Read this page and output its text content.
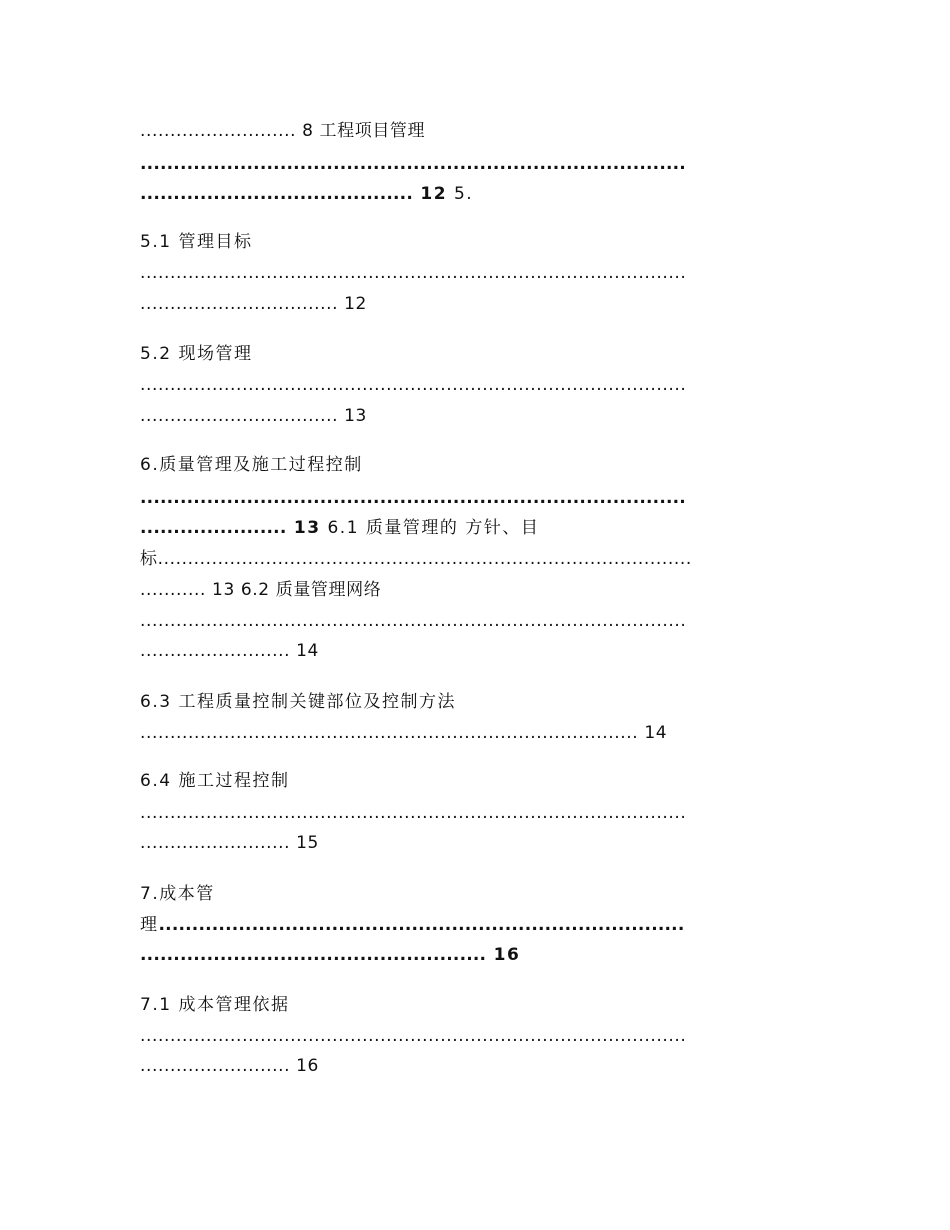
.......................... 8 工程项目管理
..................................................................................
......................................... 12 5.
5.1 管理目标
...........................................................................................
................................. 12
5.2 现场管理
...........................................................................................
................................. 13
6.质量管理及施工过程控制
..................................................................................
...................... 13 6.1 质量管理的 方针、目
标.........................................................................................
........... 13 6.2 质量管理网络
...........................................................................................
......................... 14
6.3 工程质量控制关键部位及控制方法
................................................................................... 14
6.4 施工过程控制
...........................................................................................
......................... 15
7.成本管
理...............................................................................
.................................................... 16
7.1 成本管理依据
...........................................................................................
......................... 16
